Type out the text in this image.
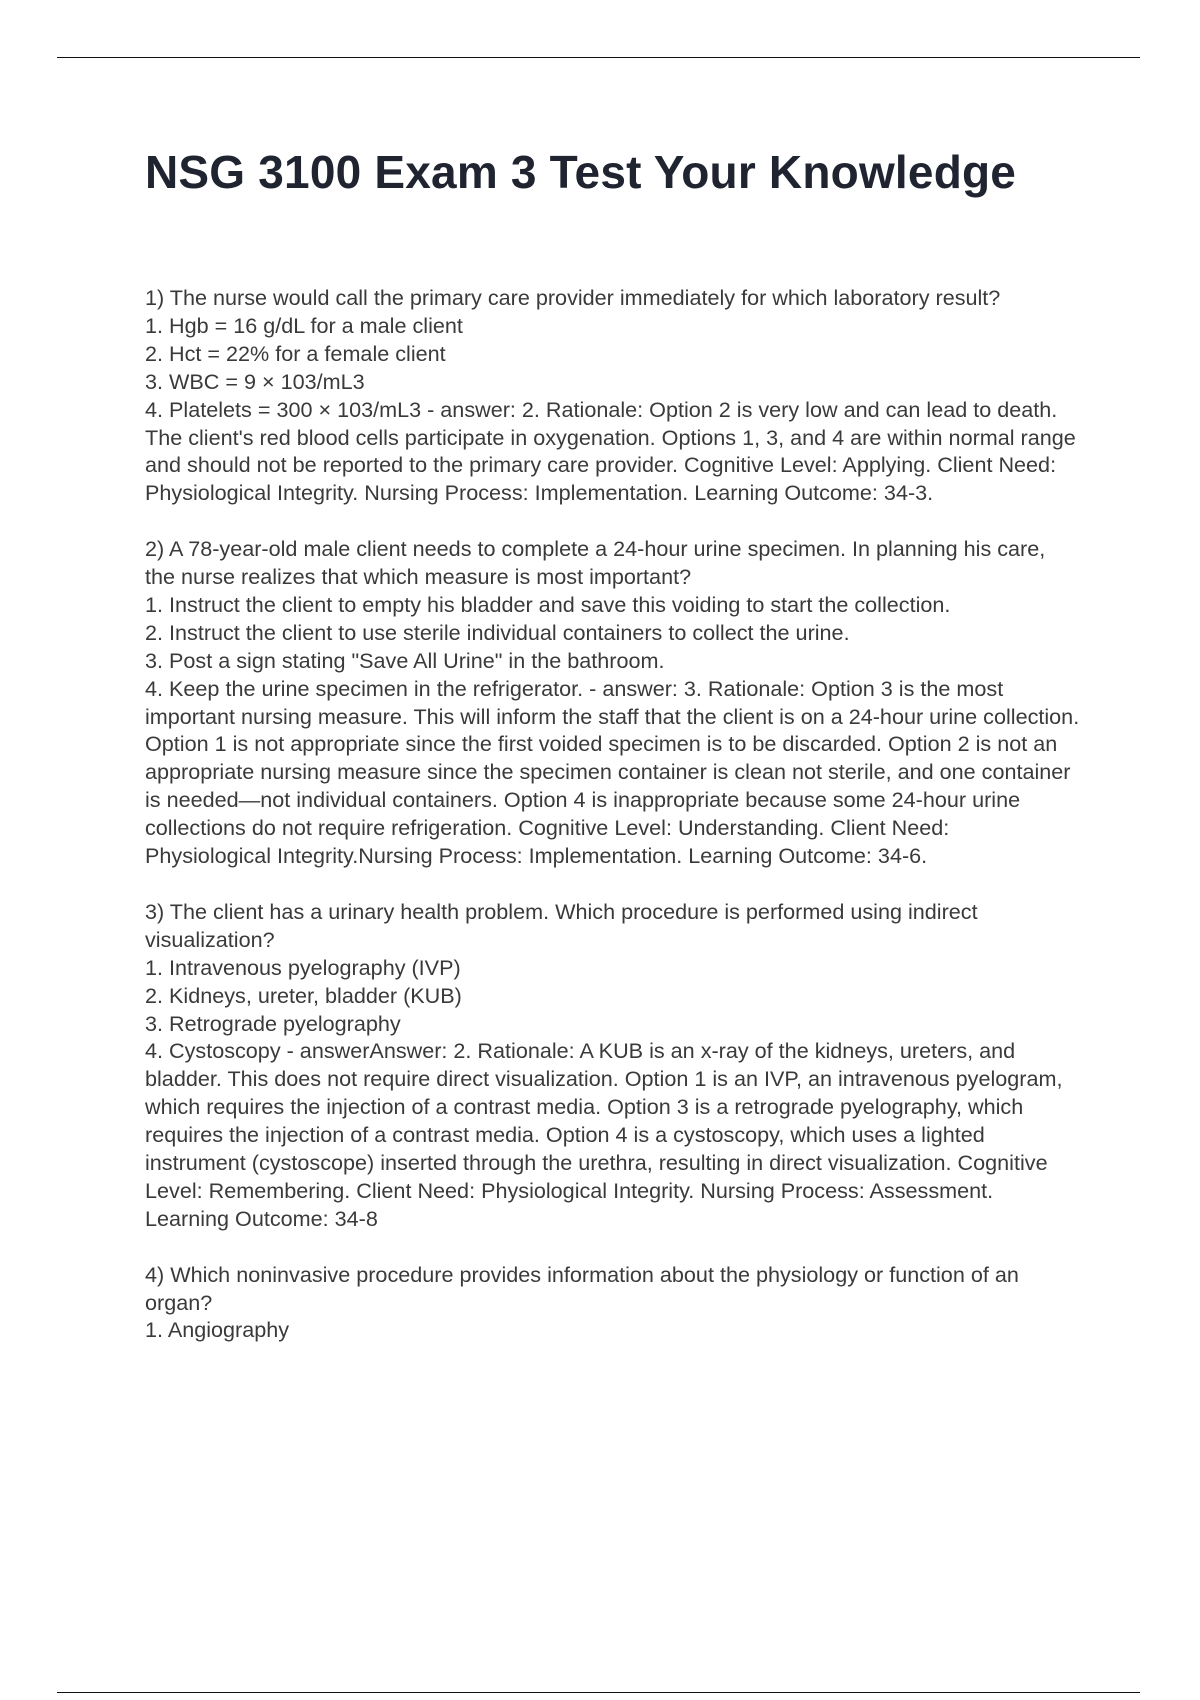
NSG 3100 Exam 3 Test Your Knowledge
1) The nurse would call the primary care provider immediately for which laboratory result?
1. Hgb = 16 g/dL for a male client
2. Hct = 22% for a female client
3. WBC = 9 × 103/mL3
4. Platelets = 300 × 103/mL3 - answer: 2. Rationale: Option 2 is very low and can lead to death. The client's red blood cells participate in oxygenation. Options 1, 3, and 4 are within normal range and should not be reported to the primary care provider. Cognitive Level: Applying. Client Need: Physiological Integrity. Nursing Process: Implementation. Learning Outcome: 34-3.
2) A 78-year-old male client needs to complete a 24-hour urine specimen. In planning his care, the nurse realizes that which measure is most important?
1. Instruct the client to empty his bladder and save this voiding to start the collection.
2. Instruct the client to use sterile individual containers to collect the urine.
3. Post a sign stating "Save All Urine" in the bathroom.
4. Keep the urine specimen in the refrigerator. - answer: 3. Rationale: Option 3 is the most important nursing measure. This will inform the staff that the client is on a 24-hour urine collection. Option 1 is not appropriate since the first voided specimen is to be discarded. Option 2 is not an appropriate nursing measure since the specimen container is clean not sterile, and one container is needed—not individual containers. Option 4 is inappropriate because some 24-hour urine collections do not require refrigeration. Cognitive Level: Understanding. Client Need: Physiological Integrity.Nursing Process: Implementation. Learning Outcome: 34-6.
3) The client has a urinary health problem. Which procedure is performed using indirect visualization?
1. Intravenous pyelography (IVP)
2. Kidneys, ureter, bladder (KUB)
3. Retrograde pyelography
4. Cystoscopy - answerAnswer: 2. Rationale: A KUB is an x-ray of the kidneys, ureters, and bladder. This does not require direct visualization. Option 1 is an IVP, an intravenous pyelogram, which requires the injection of a contrast media. Option 3 is a retrograde pyelography, which requires the injection of a contrast media. Option 4 is a cystoscopy, which uses a lighted instrument (cystoscope) inserted through the urethra, resulting in direct visualization. Cognitive Level: Remembering. Client Need: Physiological Integrity. Nursing Process: Assessment. Learning Outcome: 34-8
4) Which noninvasive procedure provides information about the physiology or function of an organ?
1. Angiography
